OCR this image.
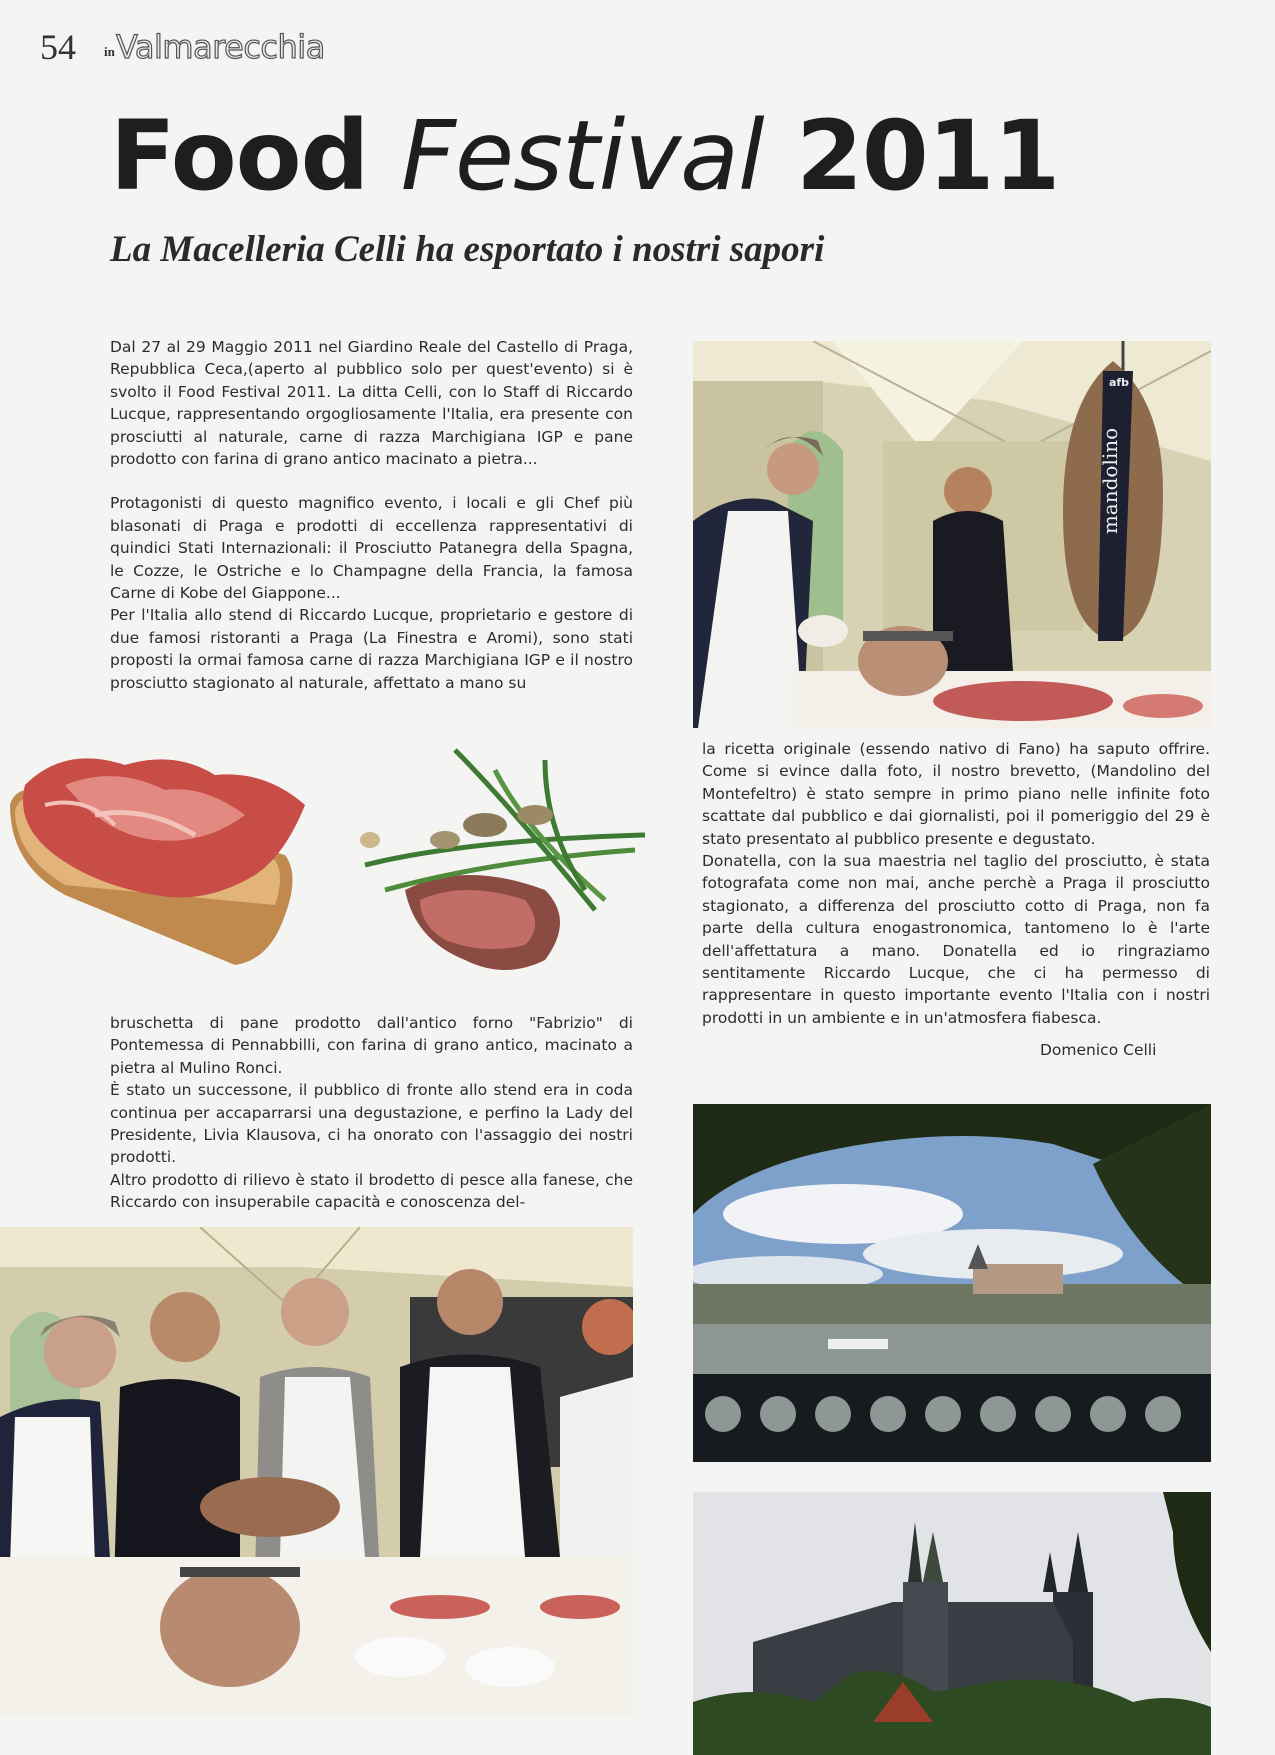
54 in Valmarecchia
Food Festival 2011
La Macelleria Celli ha esportato i nostri sapori

Dal 27 al 29 Maggio 2011 nel Giardino Reale del Castello di Praga, Repubblica Ceca,(aperto al pubblico solo per quest'evento) si è svolto il Food Festival 2011. La ditta Celli, con lo Staff di Riccardo Lucque, rappresentando orgogliosamente l'Italia, era presente con prosciutti al naturale, carne di razza Marchigiana IGP e pane prodotto con farina di grano antico macinato a pietra...

Protagonisti di questo magnifico evento, i locali e gli Chef più blasonati di Praga e prodotti di eccellenza rappresentativi di quindici Stati Internazionali: il Prosciutto Patanegra della Spagna, le Cozze, le Ostriche e lo Champagne della Francia, la famosa Carne di Kobe del Giappone...

Per l'Italia allo stend di Riccardo Lucque, proprietario e gestore di due famosi ristoranti a Praga (La Finestra e Aromi), sono stati proposti la ormai famosa carne di razza Marchigiana IGP e il nostro prosciutto stagionato al naturale, affettato a mano su

bruschetta di pane prodotto dall'antico forno "Fabrizio" di Pontemessa di Pennabbilli, con farina di grano antico, macinato a pietra al Mulino Ronci.

È stato un successone, il pubblico di fronte allo stend era in coda continua per accaparrarsi una degustazione, e perfino la Lady del Presidente, Livia Klausova, ci ha onorato con l'assaggio dei nostri prodotti.

Altro prodotto di rilievo è stato il brodetto di pesce alla fanese, che Riccardo con insuperabile capacità e conoscenza del-

la ricetta originale (essendo nativo di Fano) ha saputo offrire. Come si evince dalla foto, il nostro brevetto, (Mandolino del Montefeltro) è stato sempre in primo piano nelle infinite foto scattate dal pubblico e dai giornalisti, poi il pomeriggio del 29 è stato presentato al pubblico presente e degustato.

Donatella, con la sua maestria nel taglio del prosciutto, è stata fotografata come non mai, anche perchè a Praga il prosciutto stagionato, a differenza del prosciutto cotto di Praga, non fa parte della cultura enogastronomica, tantomeno lo è l'arte dell'affettatura a mano. Donatella ed io ringraziamo sentitamente Riccardo Lucque, che ci ha permesso di rappresentare in questo importante evento l'Italia con i nostri prodotti in un ambiente e in un'atmosfera fiabesca.

Domenico Celli
mandolino
afb
